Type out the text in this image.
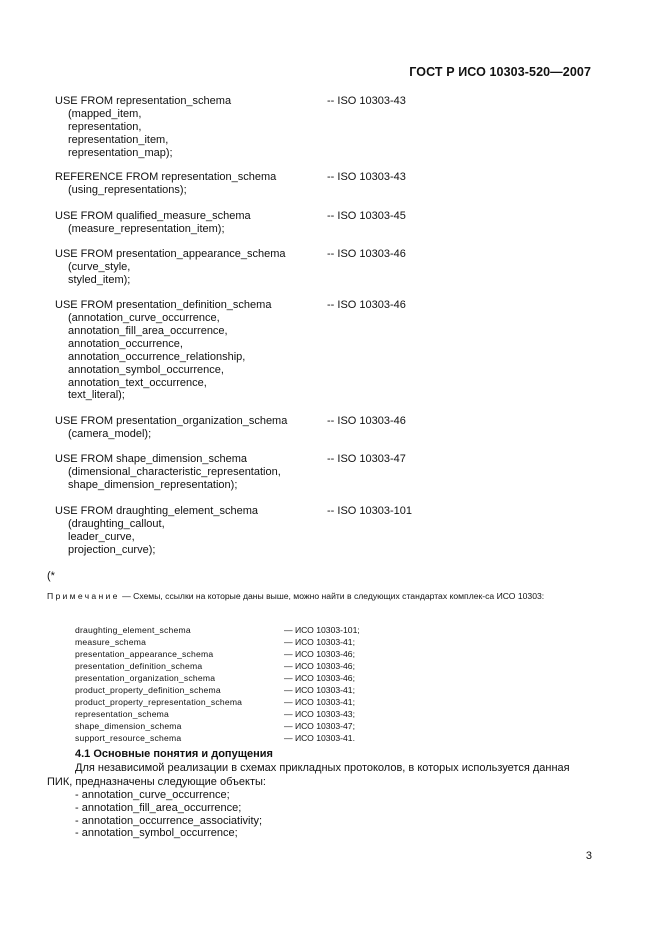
ГОСТ Р ИСО 10303-520—2007
USE FROM representation_schema	-- ISO 10303-43
(mapped_item,
representation,
representation_item,
representation_map);
REFERENCE FROM representation_schema	-- ISO 10303-43
(using_representations);
USE FROM qualified_measure_schema	-- ISO 10303-45
(measure_representation_item);
USE FROM presentation_appearance_schema	-- ISO 10303-46
(curve_style,
styled_item);
USE FROM presentation_definition_schema	-- ISO 10303-46
(annotation_curve_occurrence,
annotation_fill_area_occurrence,
annotation_occurrence,
annotation_occurrence_relationship,
annotation_symbol_occurrence,
annotation_text_occurrence,
text_literal);
USE FROM presentation_organization_schema	-- ISO 10303-46
(camera_model);
USE FROM shape_dimension_schema	-- ISO 10303-47
(dimensional_characteristic_representation,
shape_dimension_representation);
USE FROM draughting_element_schema	-- ISO 10303-101
(draughting_callout,
leader_curve,
projection_curve);
(*
Примечание — Схемы, ссылки на которые даны выше, можно найти в следующих стандартах комплек-са ИСО 10303:
draughting_element_schema	— ИСО 10303-101;
measure_schema	— ИСО 10303-41;
presentation_appearance_schema	— ИСО 10303-46;
presentation_definition_schema	— ИСО 10303-46;
presentation_organization_schema	— ИСО 10303-46;
product_property_definition_schema	— ИСО 10303-41;
product_property_representation_schema	— ИСО 10303-41;
representation_schema	— ИСО 10303-43;
shape_dimension_schema	— ИСО 10303-47;
support_resource_schema	— ИСО 10303-41.
4.1 Основные понятия и допущения
Для независимой реализации в схемах прикладных протоколов, в которых используется данная ПИК, предназначены следующие объекты:
- annotation_curve_occurrence;
- annotation_fill_area_occurrence;
- annotation_occurrence_associativity;
- annotation_symbol_occurrence;
3
